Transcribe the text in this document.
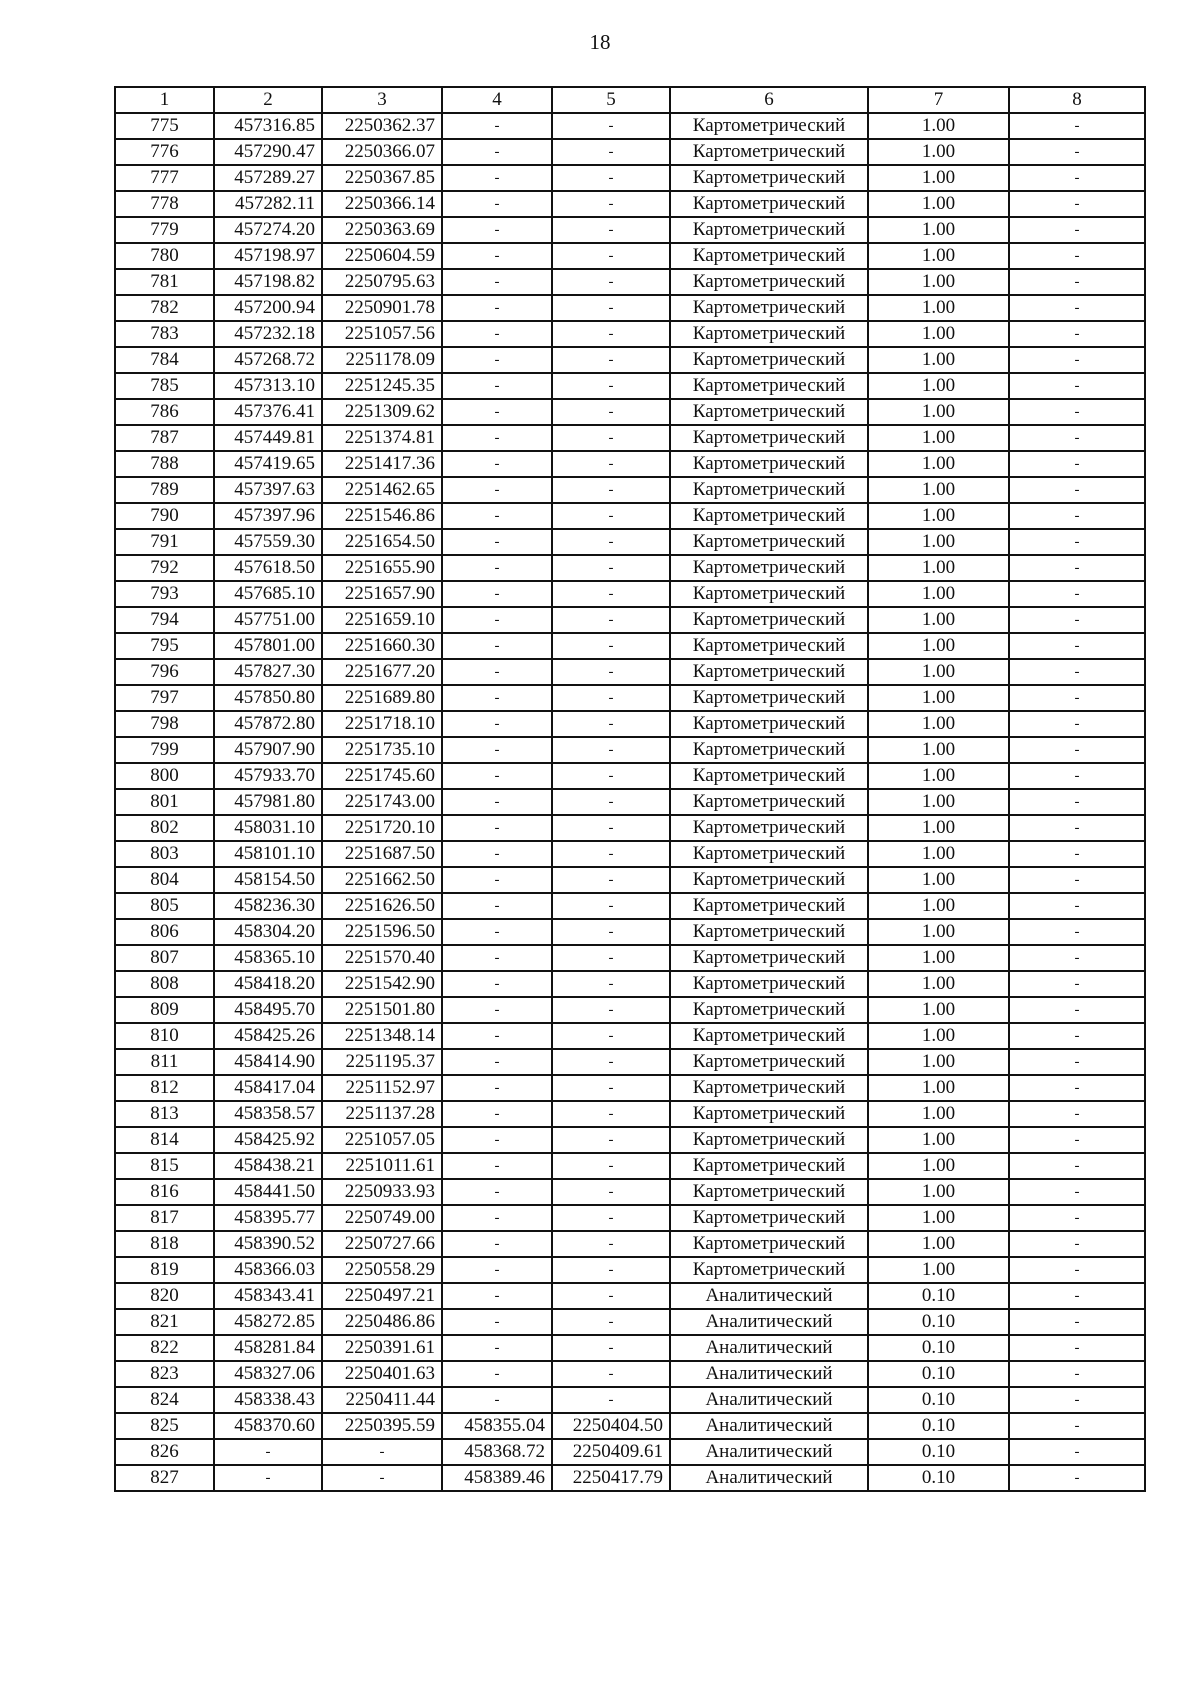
18
1	2	3	4	5	6	7	8
775	457316.85	2250362.37	-	-	Картометрический	1.00	-
776	457290.47	2250366.07	-	-	Картометрический	1.00	-
777	457289.27	2250367.85	-	-	Картометрический	1.00	-
778	457282.11	2250366.14	-	-	Картометрический	1.00	-
779	457274.20	2250363.69	-	-	Картометрический	1.00	-
780	457198.97	2250604.59	-	-	Картометрический	1.00	-
781	457198.82	2250795.63	-	-	Картометрический	1.00	-
782	457200.94	2250901.78	-	-	Картометрический	1.00	-
783	457232.18	2251057.56	-	-	Картометрический	1.00	-
784	457268.72	2251178.09	-	-	Картометрический	1.00	-
785	457313.10	2251245.35	-	-	Картометрический	1.00	-
786	457376.41	2251309.62	-	-	Картометрический	1.00	-
787	457449.81	2251374.81	-	-	Картометрический	1.00	-
788	457419.65	2251417.36	-	-	Картометрический	1.00	-
789	457397.63	2251462.65	-	-	Картометрический	1.00	-
790	457397.96	2251546.86	-	-	Картометрический	1.00	-
791	457559.30	2251654.50	-	-	Картометрический	1.00	-
792	457618.50	2251655.90	-	-	Картометрический	1.00	-
793	457685.10	2251657.90	-	-	Картометрический	1.00	-
794	457751.00	2251659.10	-	-	Картометрический	1.00	-
795	457801.00	2251660.30	-	-	Картометрический	1.00	-
796	457827.30	2251677.20	-	-	Картометрический	1.00	-
797	457850.80	2251689.80	-	-	Картометрический	1.00	-
798	457872.80	2251718.10	-	-	Картометрический	1.00	-
799	457907.90	2251735.10	-	-	Картометрический	1.00	-
800	457933.70	2251745.60	-	-	Картометрический	1.00	-
801	457981.80	2251743.00	-	-	Картометрический	1.00	-
802	458031.10	2251720.10	-	-	Картометрический	1.00	-
803	458101.10	2251687.50	-	-	Картометрический	1.00	-
804	458154.50	2251662.50	-	-	Картометрический	1.00	-
805	458236.30	2251626.50	-	-	Картометрический	1.00	-
806	458304.20	2251596.50	-	-	Картометрический	1.00	-
807	458365.10	2251570.40	-	-	Картометрический	1.00	-
808	458418.20	2251542.90	-	-	Картометрический	1.00	-
809	458495.70	2251501.80	-	-	Картометрический	1.00	-
810	458425.26	2251348.14	-	-	Картометрический	1.00	-
811	458414.90	2251195.37	-	-	Картометрический	1.00	-
812	458417.04	2251152.97	-	-	Картометрический	1.00	-
813	458358.57	2251137.28	-	-	Картометрический	1.00	-
814	458425.92	2251057.05	-	-	Картометрический	1.00	-
815	458438.21	2251011.61	-	-	Картометрический	1.00	-
816	458441.50	2250933.93	-	-	Картометрический	1.00	-
817	458395.77	2250749.00	-	-	Картометрический	1.00	-
818	458390.52	2250727.66	-	-	Картометрический	1.00	-
819	458366.03	2250558.29	-	-	Картометрический	1.00	-
820	458343.41	2250497.21	-	-	Аналитический	0.10	-
821	458272.85	2250486.86	-	-	Аналитический	0.10	-
822	458281.84	2250391.61	-	-	Аналитический	0.10	-
823	458327.06	2250401.63	-	-	Аналитический	0.10	-
824	458338.43	2250411.44	-	-	Аналитический	0.10	-
825	458370.60	2250395.59	458355.04	2250404.50	Аналитический	0.10	-
826	-	-	458368.72	2250409.61	Аналитический	0.10	-
827	-	-	458389.46	2250417.79	Аналитический	0.10	-
